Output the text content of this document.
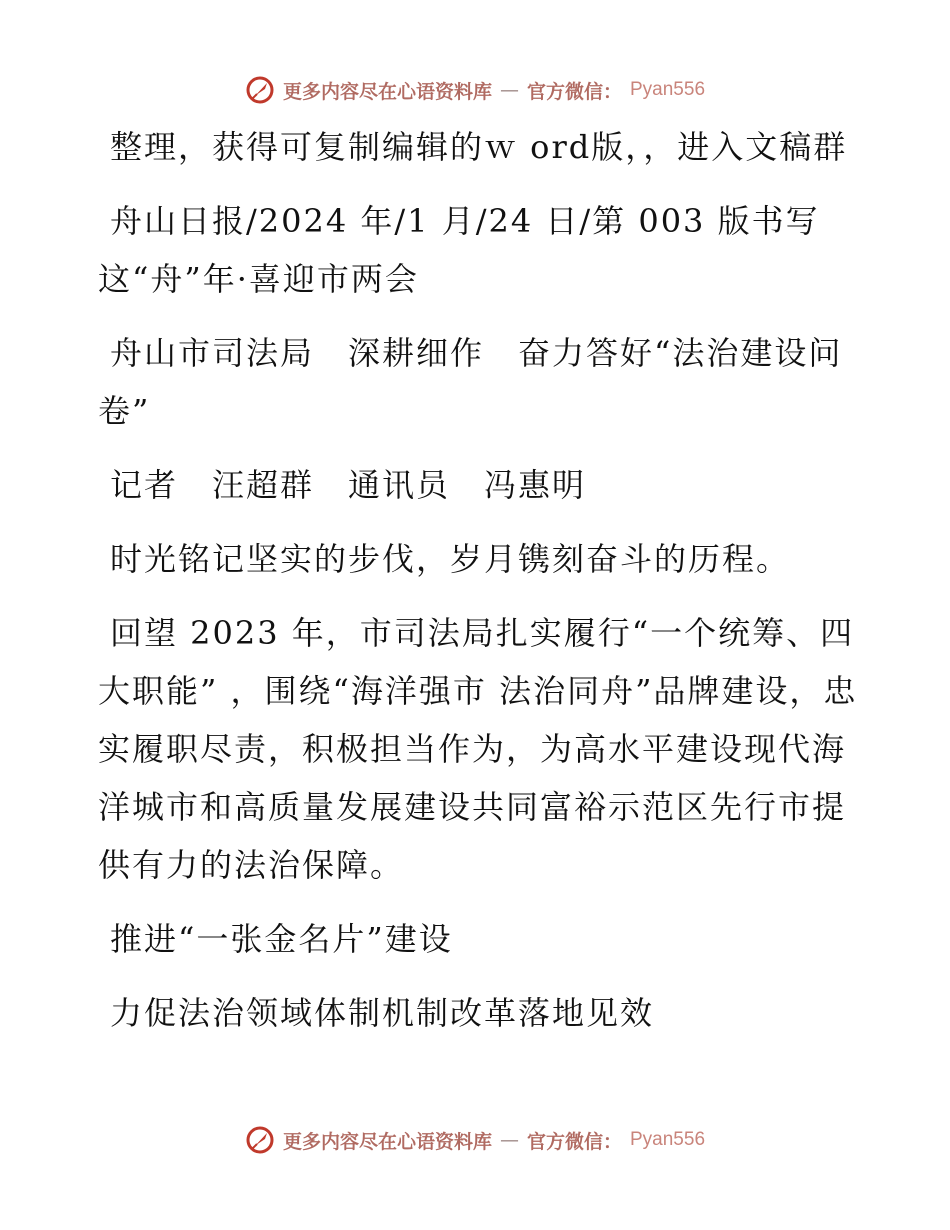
更多内容尽在心语资料库 — 官方微信： Pyan556

整理，获得可复制编辑的ｗ ord版，，进入文稿群

舟山日报/2024 年/1 月/24 日/第 003 版书写这“舟”年·喜迎市两会

舟山市司法局　深耕细作　奋力答好“法治建设问卷”

记者　汪超群　通讯员　冯惠明

时光铭记坚实的步伐，岁月镌刻奋斗的历程。

回望 2023 年，市司法局扎实履行“一个统筹、四大职能” ，围绕“海洋强市 法治同舟”品牌建设，忠实履职尽责，积极担当作为，为高水平建设现代海洋城市和高质量发展建设共同富裕示范区先行市提供有力的法治保障。

推进“一张金名片”建设

力促法治领域体制机制改革落地见效

更多内容尽在心语资料库 — 官方微信： Pyan556
